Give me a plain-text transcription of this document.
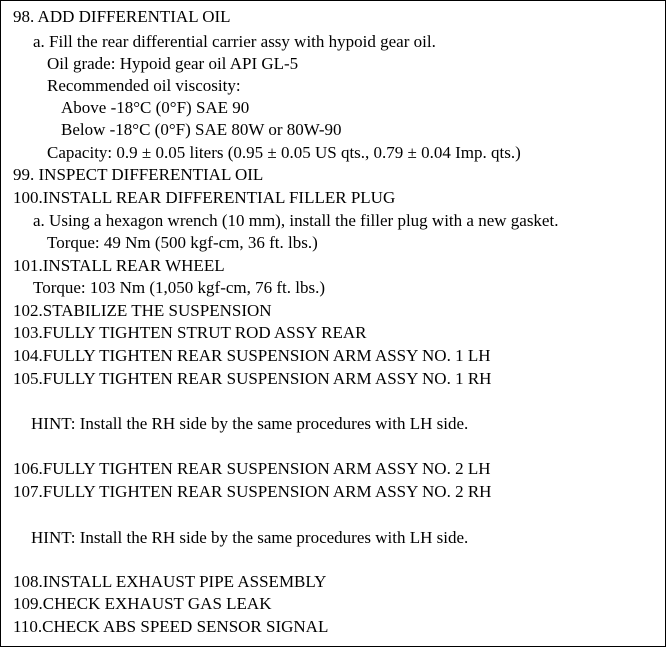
98. ADD DIFFERENTIAL OIL
a. Fill the rear differential carrier assy with hypoid gear oil.
Oil grade: Hypoid gear oil API GL-5
Recommended oil viscosity:
Above -18°C (0°F) SAE 90
Below -18°C (0°F) SAE 80W or 80W-90
Capacity: 0.9 ± 0.05 liters (0.95 ± 0.05 US qts., 0.79 ± 0.04 Imp. qts.)
99. INSPECT DIFFERENTIAL OIL
100.INSTALL REAR DIFFERENTIAL FILLER PLUG
a. Using a hexagon wrench (10 mm), install the filler plug with a new gasket.
Torque: 49 Nm (500 kgf-cm, 36 ft. lbs.)
101.INSTALL REAR WHEEL
Torque: 103 Nm (1,050 kgf-cm, 76 ft. lbs.)
102.STABILIZE THE SUSPENSION
103.FULLY TIGHTEN STRUT ROD ASSY REAR
104.FULLY TIGHTEN REAR SUSPENSION ARM ASSY NO. 1 LH
105.FULLY TIGHTEN REAR SUSPENSION ARM ASSY NO. 1 RH
HINT: Install the RH side by the same procedures with LH side.
106.FULLY TIGHTEN REAR SUSPENSION ARM ASSY NO. 2 LH
107.FULLY TIGHTEN REAR SUSPENSION ARM ASSY NO. 2 RH
HINT: Install the RH side by the same procedures with LH side.
108.INSTALL EXHAUST PIPE ASSEMBLY
109.CHECK EXHAUST GAS LEAK
110.CHECK ABS SPEED SENSOR SIGNAL
